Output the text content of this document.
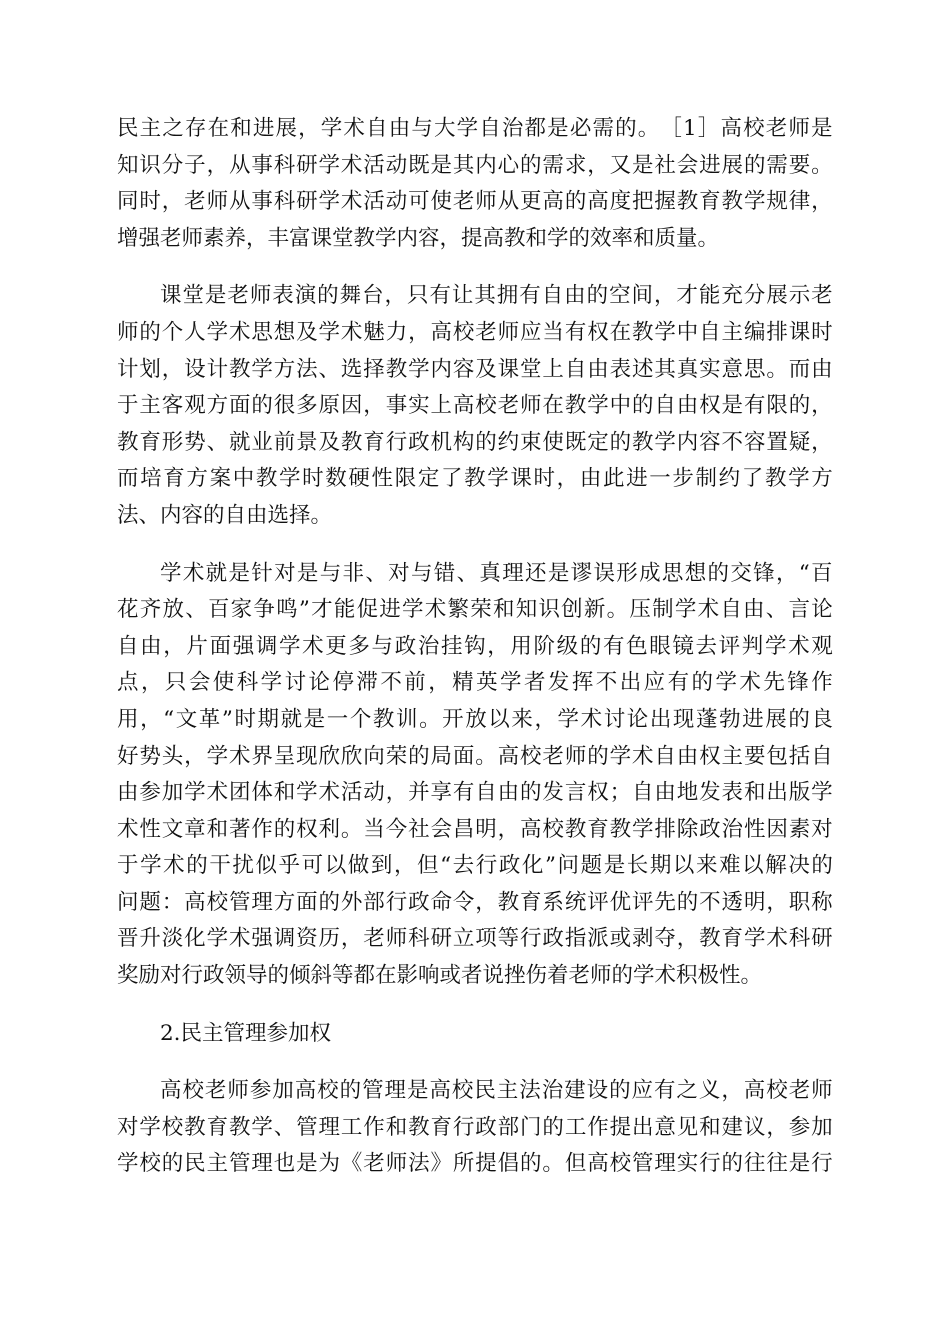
民 主 之 存 在 和 进 展 ， 学 术 自 由 与 大 学 自 治 都 是 必 需 的 。 ［ 1 ］ 高 校 老 师 是
知 识 分 子 ， 从 事 科 研 学 术 活 动 既 是 其 内 心 的 需 求 ， 又 是 社 会 进 展 的 需 要 。
同 时 ， 老 师 从 事 科 研 学 术 活 动 可 使 老 师 从 更 高 的 高 度 把 握 教 育 教 学 规 律 ，
增强老师素养，丰富课堂教学内容，提高教和学的效率和质量。
课 堂 是 老 师 表 演 的 舞 台 ， 只 有 让 其 拥 有 自 由 的 空 间 ， 才 能 充 分 展 示 老
师 的 个 人 学 术 思 想 及 学 术 魅 力 ， 高 校 老 师 应 当 有 权 在 教 学 中 自 主 编 排 课 时
计 划 ， 设 计 教 学 方 法 、 选 择 教 学 内 容 及 课 堂 上 自 由 表 述 其 真 实 意 思 。 而 由
于 主 客 观 方 面 的 很 多 原 因 ， 事 实 上 高 校 老 师 在 教 学 中 的 自 由 权 是 有 限 的 ，
教 育 形 势 、 就 业 前 景 及 教 育 行 政 机 构 的 约 束 使 既 定 的 教 学 内 容 不 容 置 疑 ，
而 培 育 方 案 中 教 学 时 数 硬 性 限 定 了 教 学 课 时 ， 由 此 进 一 步 制 约 了 教 学 方
法、内容的自由选择。
学 术 就 是 针 对 是 与 非 、 对 与 错 、 真 理 还 是 谬 误 形 成 思 想 的 交 锋 ， “ 百
花 齐 放 、 百 家 争 鸣 ” 才 能 促 进 学 术 繁 荣 和 知 识 创 新 。 压 制 学 术 自 由 、 言 论
自 由 ， 片 面 强 调 学 术 更 多 与 政 治 挂 钩 ， 用 阶 级 的 有 色 眼 镜 去 评 判 学 术 观
点 ， 只 会 使 科 学 讨 论 停 滞 不 前 ， 精 英 学 者 发 挥 不 出 应 有 的 学 术 先 锋 作
用 ， “ 文 革 ” 时 期 就 是 一 个 教 训 。 开 放 以 来 ， 学 术 讨 论 出 现 蓬 勃 进 展 的 良
好 势 头 ， 学 术 界 呈 现 欣 欣 向 荣 的 局 面 。 高 校 老 师 的 学 术 自 由 权 主 要 包 括 自
由 参 加 学 术 团 体 和 学 术 活 动 ， 并 享 有 自 由 的 发 言 权 ； 自 由 地 发 表 和 出 版 学
术 性 文 章 和 著 作 的 权 利 。 当 今 社 会 昌 明 ， 高 校 教 育 教 学 排 除 政 治 性 因 素 对
于 学 术 的 干 扰 似 乎 可 以 做 到 ， 但 “ 去 行 政 化 ” 问 题 是 长 期 以 来 难 以 解 决 的
问 题 ： 高 校 管 理 方 面 的 外 部 行 政 命 令 ， 教 育 系 统 评 优 评 先 的 不 透 明 ， 职 称
晋 升 淡 化 学 术 强 调 资 历 ， 老 师 科 研 立 项 等 行 政 指 派 或 剥 夺 ， 教 育 学 术 科 研
奖励对行政领导的倾斜等都在影响或者说挫伤着老师的学术积极性。
2.民主管理参加权
高 校 老 师 参 加 高 校 的 管 理 是 高 校 民 主 法 治 建 设 的 应 有 之 义 ， 高 校 老 师
对 学 校 教 育 教 学 、 管 理 工 作 和 教 育 行 政 部 门 的 工 作 提 出 意 见 和 建 议 ， 参 加
学 校 的 民 主 管 理 也 是 为 《 老 师 法 》 所 提 倡 的 。 但 高 校 管 理 实 行 的 往 往 是 行
